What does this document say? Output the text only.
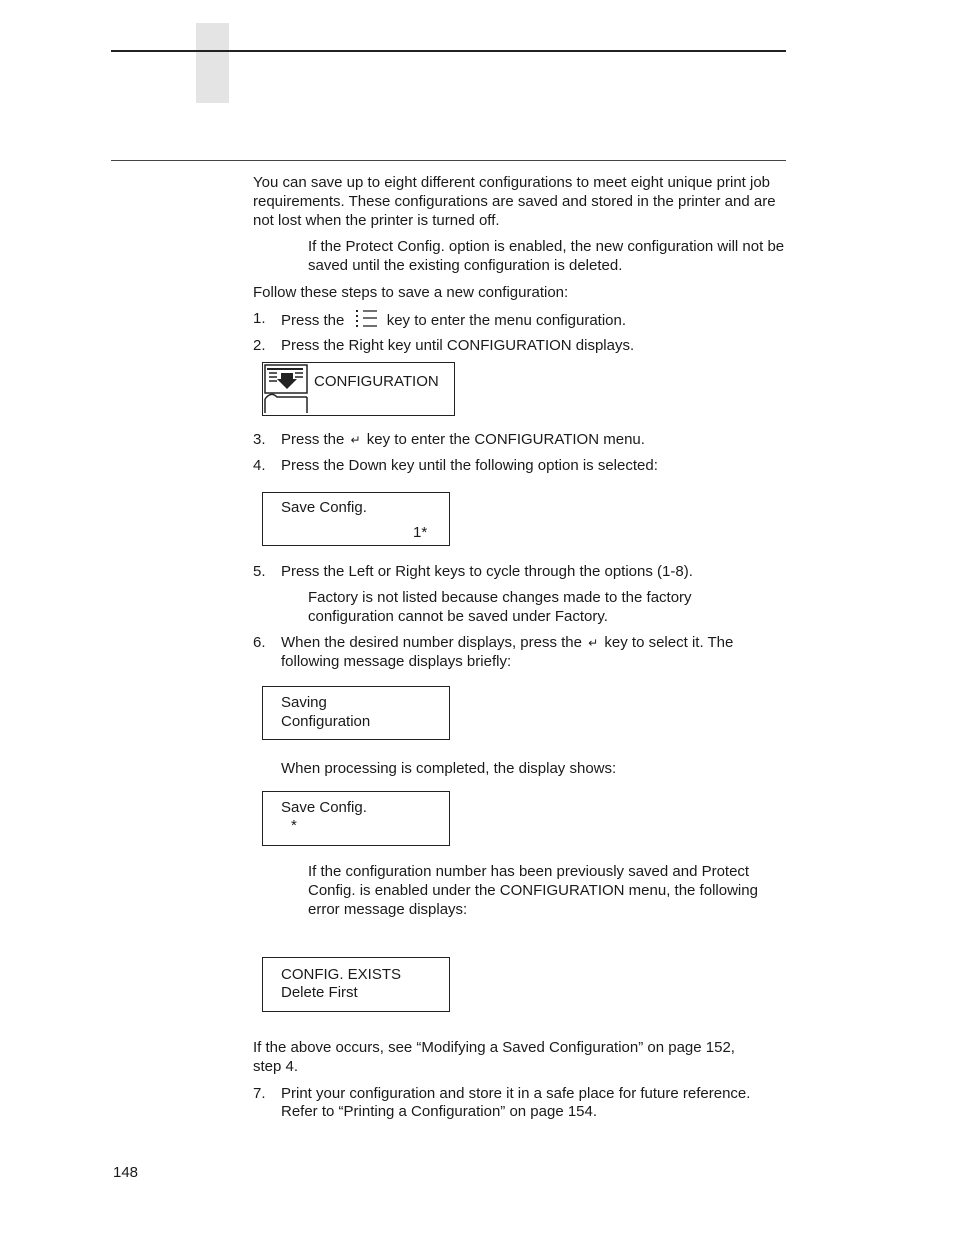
You can save up to eight different configurations to meet eight unique print job requirements. These configurations are saved and stored in the printer and are not lost when the printer is turned off.
If the Protect Config. option is enabled, the new configuration will not be saved until the existing configuration is deleted.
Follow these steps to save a new configuration:
1. Press the	key to enter the menu configuration.
2. Press the Right key until CONFIGURATION displays.
CONFIGURATION
3. Press the ↵ key to enter the CONFIGURATION menu.
4. Press the Down key until the following option is selected:
Save Config.
1*
5. Press the Left or Right keys to cycle through the options (1-8).
Factory is not listed because changes made to the factory configuration cannot be saved under Factory.
6. When the desired number displays, press the ↵ key to select it. The
following message displays briefly:
Saving
Configuration
When processing is completed, the display shows:
Save Config.
*
If the configuration number has been previously saved and Protect Config. is enabled under the CONFIGURATION menu, the following error message displays:
CONFIG. EXISTS
Delete First
If the above occurs, see “Modifying a Saved Configuration” on page 152, step 4.
7. Print your configuration and store it in a safe place for future reference.
Refer to “Printing a Configuration” on page 154.
148
